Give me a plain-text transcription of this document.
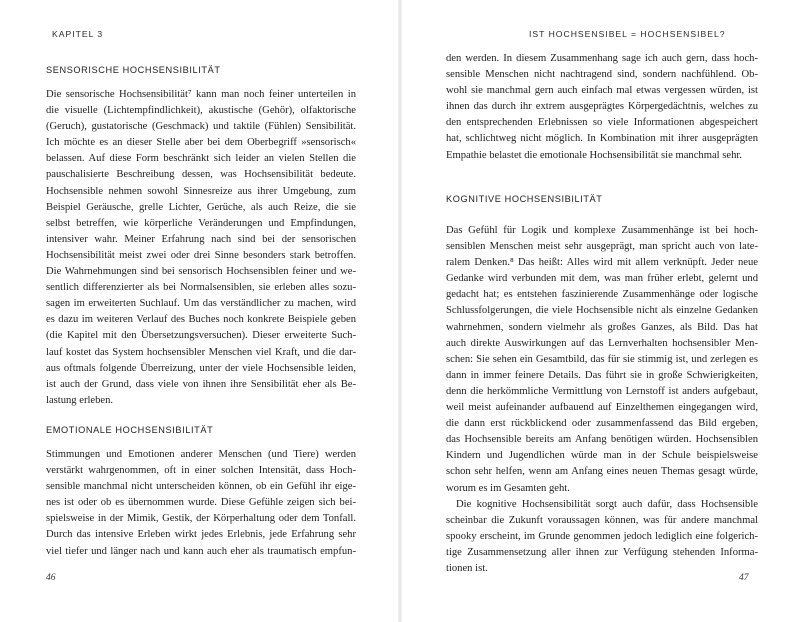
KAPITEL 3
SENSORISCHE HOCHSENSIBILITÄT
Die sensorische Hochsensibilität⁷ kann man noch feiner unterteilen in
die visuelle (Lichtempfindlichkeit), akustische (Gehör), olfaktorische
(Geruch), gustatorische (Geschmack) und taktile (Fühlen) Sensibilität.
Ich möchte es an dieser Stelle aber bei dem Oberbegriff »sensorisch«
belassen. Auf diese Form beschränkt sich leider an vielen Stellen die
pauschalisierte Beschreibung dessen, was Hochsensibilität bedeute.
Hochsensible nehmen sowohl Sinnesreize aus ihrer Umgebung, zum
Beispiel Geräusche, grelle Lichter, Gerüche, als auch Reize, die sie
selbst betreffen, wie körperliche Veränderungen und Empfindungen,
intensiver wahr. Meiner Erfahrung nach sind bei der sensorischen
Hochsensibilität meist zwei oder drei Sinne besonders stark betroffen.
Die Wahrnehmungen sind bei sensorisch Hochsensiblen feiner und we-
sentlich differenzierter als bei Normalsensiblen, sie erleben alles sozu-
sagen im erweiterten Suchlauf. Um das verständlicher zu machen, wird
es dazu im weiteren Verlauf des Buches noch konkrete Beispiele geben
(die Kapitel mit den Übersetzungsversuchen). Dieser erweiterte Such-
lauf kostet das System hochsensibler Menschen viel Kraft, und die dar-
aus oftmals folgende Überreizung, unter der viele Hochsensible leiden,
ist auch der Grund, dass viele von ihnen ihre Sensibilität eher als Be-
lastung erleben.
EMOTIONALE HOCHSENSIBILITÄT
Stimmungen und Emotionen anderer Menschen (und Tiere) werden
verstärkt wahrgenommen, oft in einer solchen Intensität, dass Hoch-
sensible manchmal nicht unterscheiden können, ob ein Gefühl ihr eige-
nes ist oder ob es übernommen wurde. Diese Gefühle zeigen sich bei-
spielsweise in der Mimik, Gestik, der Körperhaltung oder dem Tonfall.
Durch das intensive Erleben wirkt jedes Erlebnis, jede Erfahrung sehr
viel tiefer und länger nach und kann auch eher als traumatisch empfun-
46
IST HOCHSENSIBEL = HOCHSENSIBEL?
den werden. In diesem Zusammenhang sage ich auch gern, dass hoch-
sensible Menschen nicht nachtragend sind, sondern nachfühlend. Ob-
wohl sie manchmal gern auch einfach mal etwas vergessen würden, ist
ihnen das durch ihr extrem ausgeprägtes Körpergedächtnis, welches zu
den entsprechenden Erlebnissen so viele Informationen abgespeichert
hat, schlichtweg nicht möglich. In Kombination mit ihrer ausgeprägten
Empathie belastet die emotionale Hochsensibilität sie manchmal sehr.
KOGNITIVE HOCHSENSIBILITÄT
Das Gefühl für Logik und komplexe Zusammenhänge ist bei hoch-
sensiblen Menschen meist sehr ausgeprägt, man spricht auch von late-
ralem Denken.⁸ Das heißt: Alles wird mit allem verknüpft. Jeder neue
Gedanke wird verbunden mit dem, was man früher erlebt, gelernt und
gedacht hat; es entstehen faszinierende Zusammenhänge oder logische
Schlussfolgerungen, die viele Hochsensible nicht als einzelne Gedanken
wahrnehmen, sondern vielmehr als großes Ganzes, als Bild. Das hat
auch direkte Auswirkungen auf das Lernverhalten hochsensibler Men-
schen: Sie sehen ein Gesamtbild, das für sie stimmig ist, und zerlegen es
dann in immer feinere Details. Das führt sie in große Schwierigkeiten,
denn die herkömmliche Vermittlung von Lernstoff ist anders aufgebaut,
weil meist aufeinander aufbauend auf Einzelthemen eingegangen wird,
die dann erst rückblickend oder zusammenfassend das Bild ergeben,
das Hochsensible bereits am Anfang benötigen würden. Hochsensiblen
Kindern und Jugendlichen würde man in der Schule beispielsweise
schon sehr helfen, wenn am Anfang eines neuen Themas gesagt würde,
worum es im Gesamten geht.
Die kognitive Hochsensibilität sorgt auch dafür, dass Hochsensible
scheinbar die Zukunft voraussagen können, was für andere manchmal
spooky erscheint, im Grunde genommen jedoch lediglich eine folgerich-
tige Zusammensetzung aller ihnen zur Verfügung stehenden Informa-
tionen ist.
47
